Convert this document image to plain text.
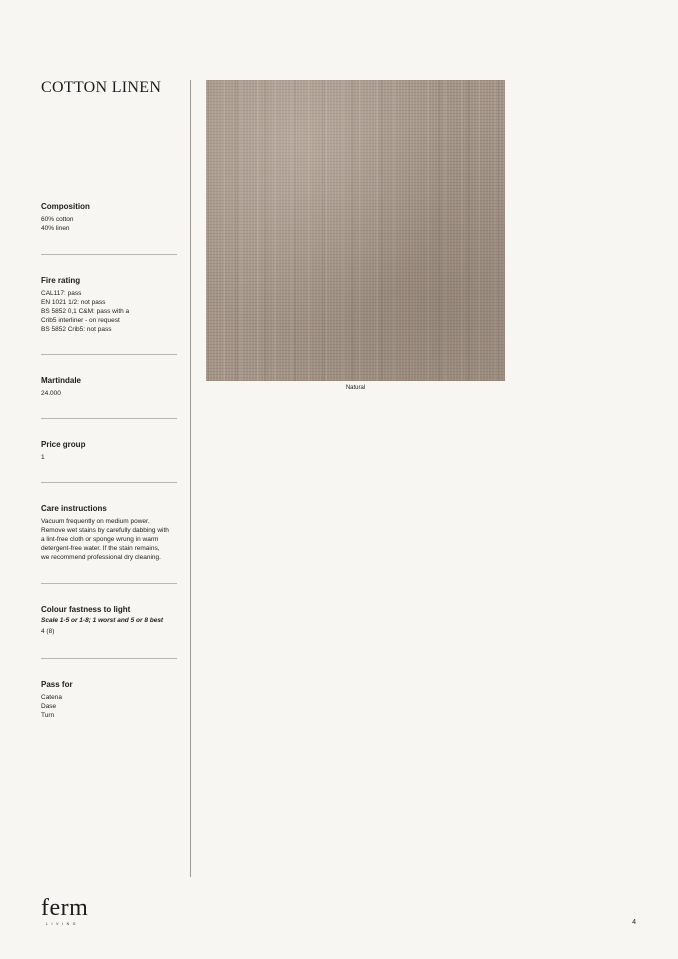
COTTON LINEN

Composition

60% cotton

40% linen

Fire rating

CAL117: pass

EN 1021 1/2: not pass

BS 5852 0,1 C&M: pass with a

Crib5 interliner - on request

BS 5852 Crib5: not pass

Martindale

24.000

Price group

1

Care instructions

Vacuum frequently on medium power.

Remove wet stains by carefully dabbing with

a lint-free cloth or sponge wrung in warm

detergent-free water. If the stain remains,

we recommend professional dry cleaning.

Colour fastness to light

Scale 1-5 or 1-8; 1 worst and 5 or 8 best

4 (8)

Pass for

Catena

Dase

Turn

Natural
ferm
LIVING	4
